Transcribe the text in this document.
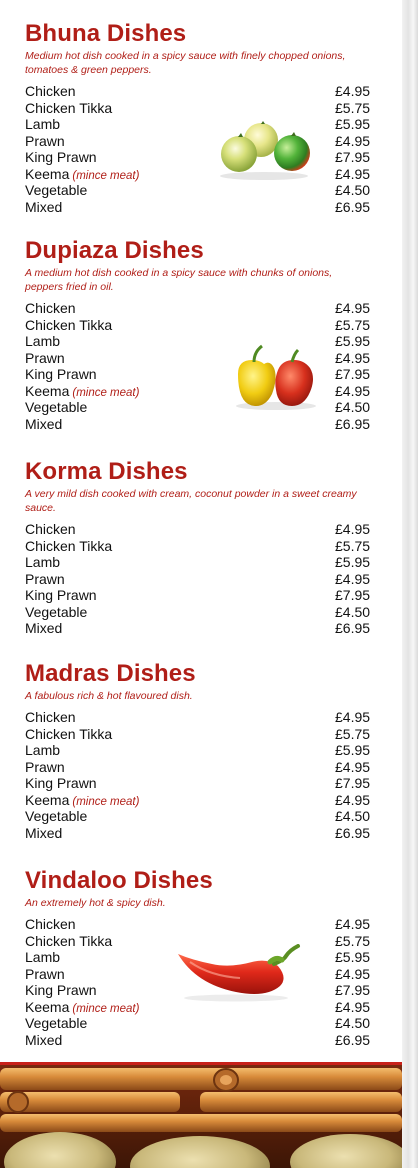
Bhuna Dishes
Medium hot dish cooked in a spicy sauce with finely chopped onions, tomatoes & green peppers.
Chicken	£4.95
Chicken Tikka	£5.75
Lamb	£5.95
Prawn	£4.95
King Prawn	£7.95
Keema (mince meat)	£4.95
Vegetable	£4.50
Mixed	£6.95
Dupiaza Dishes
A medium hot dish cooked in a spicy sauce with chunks of onions, peppers fried in oil.
Chicken	£4.95
Chicken Tikka	£5.75
Lamb	£5.95
Prawn	£4.95
King Prawn	£7.95
Keema (mince meat)	£4.95
Vegetable	£4.50
Mixed	£6.95
Korma Dishes
A very mild dish cooked with cream, coconut powder in a sweet creamy sauce.
Chicken	£4.95
Chicken Tikka	£5.75
Lamb	£5.95
Prawn	£4.95
King Prawn	£7.95
Vegetable	£4.50
Mixed	£6.95
Madras Dishes
A fabulous rich & hot flavoured dish.
Chicken	£4.95
Chicken Tikka	£5.75
Lamb	£5.95
Prawn	£4.95
King Prawn	£7.95
Keema (mince meat)	£4.95
Vegetable	£4.50
Mixed	£6.95
Vindaloo Dishes
An extremely hot & spicy dish.
Chicken	£4.95
Chicken Tikka	£5.75
Lamb	£5.95
Prawn	£4.95
King Prawn	£7.95
Keema (mince meat)	£4.95
Vegetable	£4.50
Mixed	£6.95
